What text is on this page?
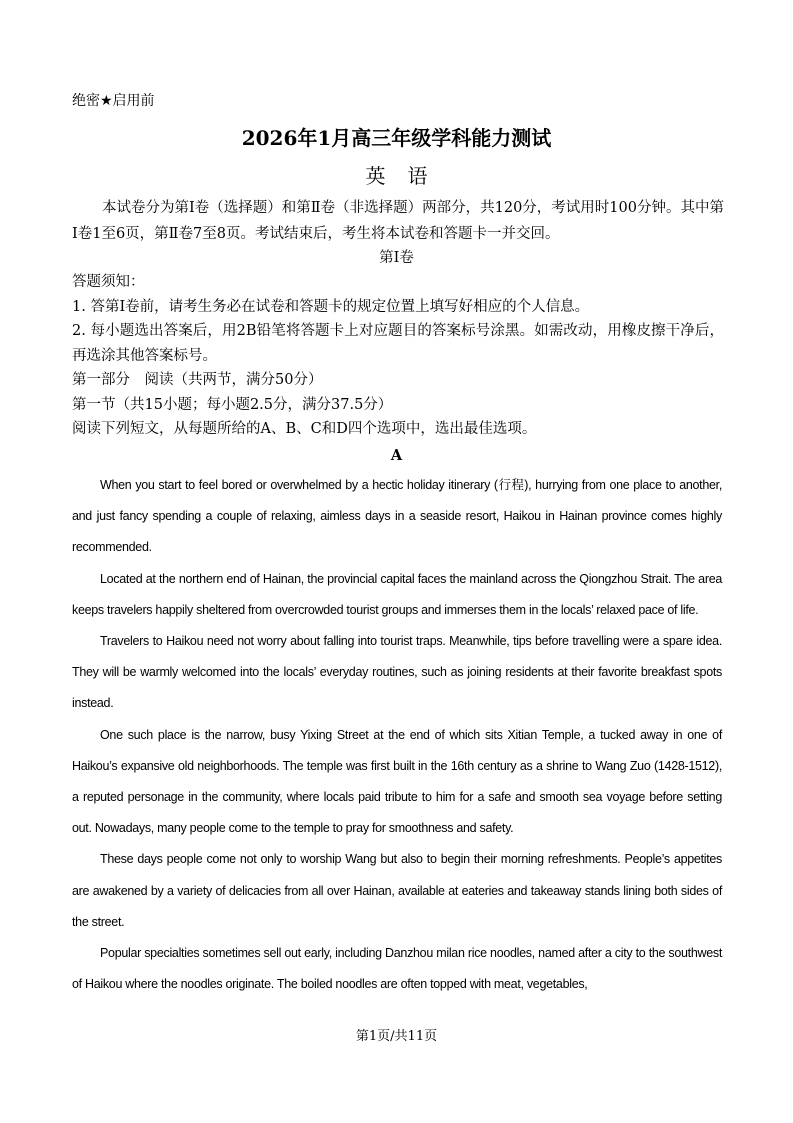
绝密★启用前
2026年1月高三年级学科能力测试
英语
本试卷分为第Ⅰ卷（选择题）和第Ⅱ卷（非选择题）两部分，共120分，考试用时100分钟。其中第Ⅰ卷1至6页，第Ⅱ卷7至8页。考试结束后，考生将本试卷和答题卡一并交回。
第Ⅰ卷
答题须知：
1. 答第Ⅰ卷前，请考生务必在试卷和答题卡的规定位置上填写好相应的个人信息。
2. 每小题选出答案后，用2B铅笔将答题卡上对应题目的答案标号涂黑。如需改动，用橡皮擦干净后，再选涂其他答案标号。
第一部分　阅读（共两节，满分50分）
第一节（共15小题；每小题2.5分，满分37.5分）
阅读下列短文，从每题所给的A、B、C和D四个选项中，选出最佳选项。
A

When you start to feel bored or overwhelmed by a hectic holiday itinerary (行程), hurrying from one place to another, and just fancy spending a couple of relaxing, aimless days in a seaside resort, Haikou in Hainan province comes highly recommended.

Located at the northern end of Hainan, the provincial capital faces the mainland across the Qiongzhou Strait. The area keeps travelers happily sheltered from overcrowded tourist groups and immerses them in the locals’ relaxed pace of life.

Travelers to Haikou need not worry about falling into tourist traps. Meanwhile, tips before travelling were a spare idea. They will be warmly welcomed into the locals’ everyday routines, such as joining residents at their favorite breakfast spots instead.

One such place is the narrow, busy Yixing Street at the end of which sits Xitian Temple, a tucked away in one of Haikou’s expansive old neighborhoods. The temple was first built in the 16th century as a shrine to Wang Zuo (1428-1512), a reputed personage in the community, where locals paid tribute to him for a safe and smooth sea voyage before setting out. Nowadays, many people come to the temple to pray for smoothness and safety.

These days people come not only to worship Wang but also to begin their morning refreshments. People’s appetites are awakened by a variety of delicacies from all over Hainan, available at eateries and takeaway stands lining both sides of the street.

Popular specialties sometimes sell out early, including Danzhou milan rice noodles, named after a city to the southwest of Haikou where the noodles originate. The boiled noodles are often topped with meat, vegetables,

第1页/共11页
